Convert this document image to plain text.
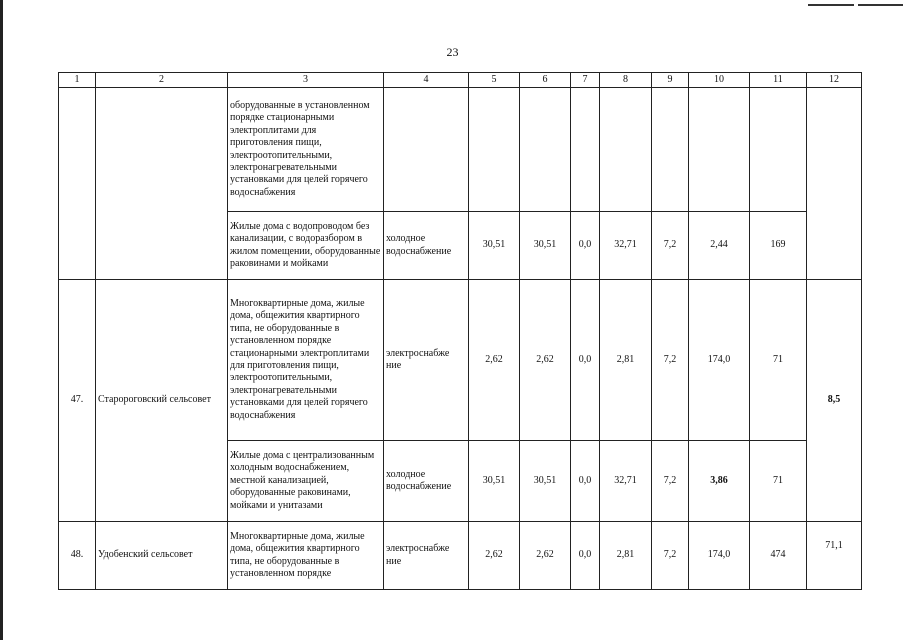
23
1	2	3	4	5	6	7	8	9	10	11	12
		оборудованные в установленном порядке стационарными электроплитами для приготовления пищи, электроотопительными, электронагревательными установками для целей горячего водоснабжения									
		Жилые дома с водопроводом без канализации, с водоразбором в жилом помещении, оборудованные раковинами и мойками	холодное водоснабжение	30,51	30,51	0,0	32,71	7,2	2,44	169	
47.	Старороговский сельсовет	Многоквартирные дома, жилые дома, общежития квартирного типа, не оборудованные в установленном порядке стационарными электроплитами для приготовления пищи, электроотопительными, электронагревательными установками для целей горячего водоснабжения	электроснабже ние	2,62	2,62	0,0	2,81	7,2	174,0	71	8,5
		Жилые дома с централизованным холодным водоснабжением, местной канализацией, оборудованные раковинами, мойками и унитазами	холодное водоснабжение	30,51	30,51	0,0	32,71	7,2	3,86	71	
48.	Удобенский сельсовет	Многоквартирные дома, жилые дома, общежития квартирного типа, не оборудованные в установленном порядке	электроснабже ние	2,62	2,62	0,0	2,81	7,2	174,0	474	71,1
